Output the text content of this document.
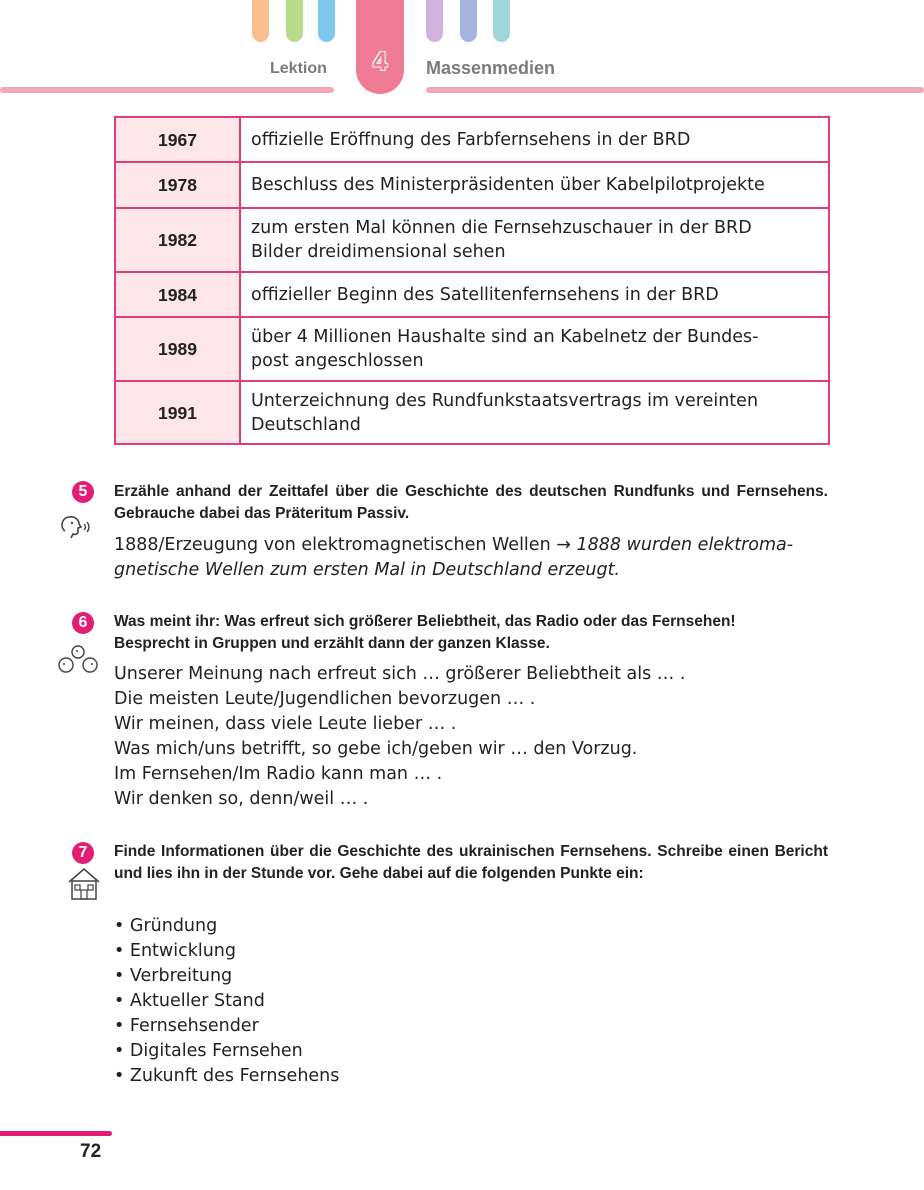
Lektion	4	Massenmedien
1967	offizielle Eröffnung des Farbfernsehens in der BRD

1978	Beschluss des Ministerpräsidenten über Kabelpilotprojekte

1982	zum ersten Mal können die Fernsehzuschauer in der BRD
Bilder dreidimensional sehen

1984	offizieller Beginn des Satellitenfernsehens in der BRD

1989	über 4 Millionen Haushalte sind an Kabelnetz der Bundes-
post angeschlossen

1991	Unterzeichnung des Rundfunkstaatsvertrags im vereinten
Deutschland
5	Erzähle anhand der Zeittafel über die Geschichte des deutschen Rundfunks und Fernsehens. Gebrauche dabei das Präteritum Passiv.
1888/Erzeugung von elektromagnetischen Wellen → 1888 wurden elektroma-
gnetische Wellen zum ersten Mal in Deutschland erzeugt.
6	Was meint ihr: Was erfreut sich größerer Beliebtheit, das Radio oder das Fernsehen!
Besprecht in Gruppen und erzählt dann der ganzen Klasse.
Unserer Meinung nach erfreut sich … größerer Beliebtheit als … .
Die meisten Leute/Jugendlichen bevorzugen … .
Wir meinen, dass viele Leute lieber … .
Was mich/uns betrifft, so gebe ich/geben wir … den Vorzug.
Im Fernsehen/Im Radio kann man … .
Wir denken so, denn/weil … .
7	Finde Informationen über die Geschichte des ukrainischen Fernsehens. Schreibe einen Bericht und lies ihn in der Stunde vor. Gehe dabei auf die folgenden Punkte ein:
• Gründung
• Entwicklung
• Verbreitung
• Aktueller Stand
• Fernsehsender
• Digitales Fernsehen
• Zukunft des Fernsehens
72
